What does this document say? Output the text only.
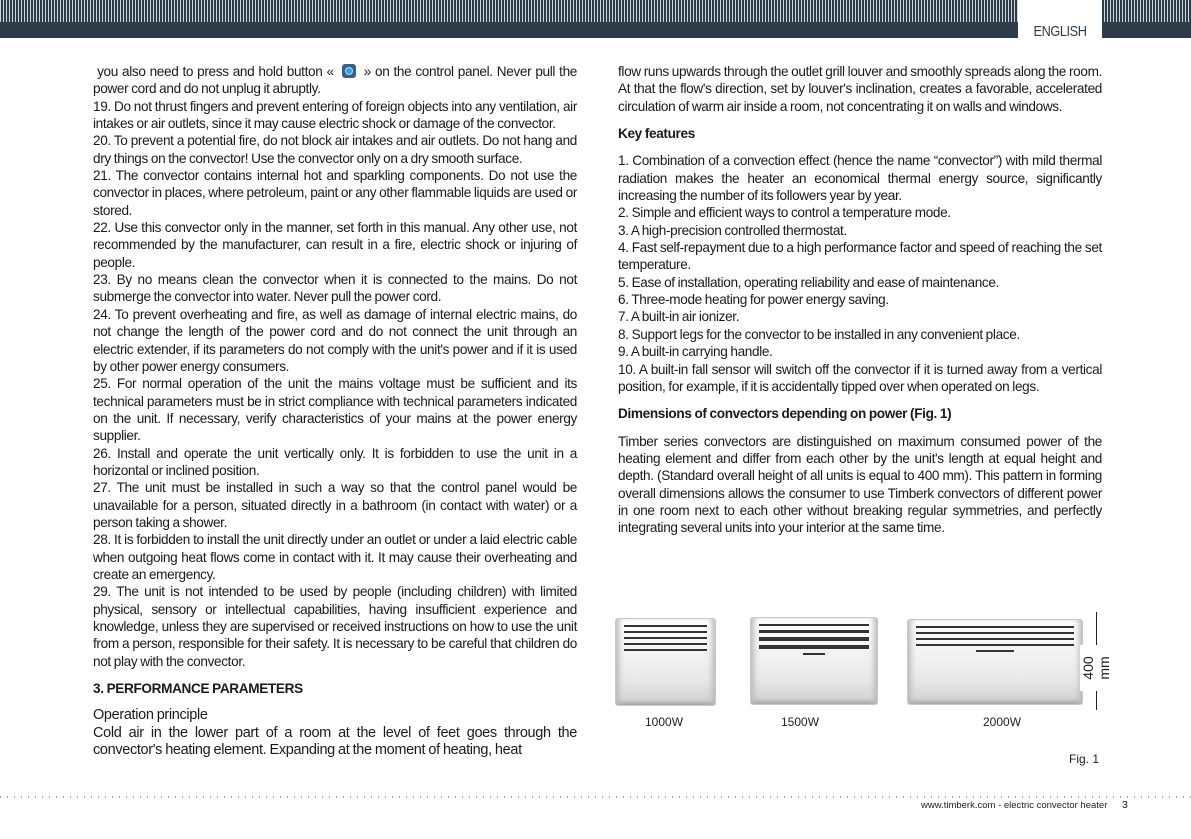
ENGLISH

you also need to press and hold button « » on the control panel. Never pull the power cord and do not unplug it abruptly.

19. Do not thrust fingers and prevent entering of foreign objects into any ventilation, air intakes or air outlets, since it may cause electric shock or damage of the convector.

20. To prevent a potential fire, do not block air intakes and air outlets. Do not hang and dry things on the convector! Use the convector only on a dry smooth surface.

21. The convector contains internal hot and sparkling components. Do not use the convector in places, where petroleum, paint or any other flammable liquids are used or stored.

22. Use this convector only in the manner, set forth in this manual. Any other use, not recommended by the manufacturer, can result in a fire, electric shock or injuring of people.

23. By no means clean the convector when it is connected to the mains. Do not submerge the convector into water. Never pull the power cord.

24. To prevent overheating and fire, as well as damage of internal electric mains, do not change the length of the power cord and do not connect the unit through an electric extender, if its parameters do not comply with the unit's power and if it is used by other power energy consumers.

25. For normal operation of the unit the mains voltage must be sufficient and its technical parameters must be in strict compliance with technical parameters indicated on the unit. If necessary, verify characteristics of your mains at the power energy supplier.

26. Install and operate the unit vertically only. It is forbidden to use the unit in a horizontal or inclined position.

27. The unit must be installed in such a way so that the control panel would be unavailable for a person, situated directly in a bathroom (in contact with water) or a person taking a shower.

28. It is forbidden to install the unit directly under an outlet or under a laid electric cable when outgoing heat flows come in contact with it. It may cause their overheating and create an emergency.

29. The unit is not intended to be used by people (including children) with limited physical, sensory or intellectual capabilities, having insufficient experience and knowledge, unless they are supervised or received instructions on how to use the unit from a person, responsible for their safety. It is necessary to be careful that children do not play with the convector.

3. PERFORMANCE PARAMETERS

Operation principle

Cold air in the lower part of a room at the level of feet goes through the convector's heating element. Expanding at the moment of heating, heat

flow runs upwards through the outlet grill louver and smoothly spreads along the room. At that the flow's direction, set by louver's inclination, creates a favorable, accelerated circulation of warm air inside a room, not concentrating it on walls and windows.

Key features

1. Combination of a convection effect (hence the name “convector”) with mild thermal radiation makes the heater an economical thermal energy source, significantly increasing the number of its followers year by year.

2. Simple and efficient ways to control a temperature mode.

3. A high-precision controlled thermostat.

4. Fast self-repayment due to a high performance factor and speed of reaching the set temperature.

5. Ease of installation, operating reliability and ease of maintenance.

6. Three-mode heating for power energy saving.

7. A built-in air ionizer.

8. Support legs for the convector to be installed in any convenient place.

9. A built-in carrying handle.

10. A built-in fall sensor will switch off the convector if it is turned away from a vertical position, for example, if it is accidentally tipped over when operated on legs.

Dimensions of convectors depending on power (Fig. 1)

Timber series convectors are distinguished on maximum consumed power of the heating element and differ from each other by the unit's length at equal height and depth. (Standard overall height of all units is equal to 400 mm). This pattern in forming overall dimensions allows the consumer to use Timberk convectors of different power in one room next to each other without breaking regular symmetries, and perfectly integrating several units into your interior at the same time.

1000W	1500W	2000W
400 mm
Fig. 1
www.timberk.com - electric convector heater 3
